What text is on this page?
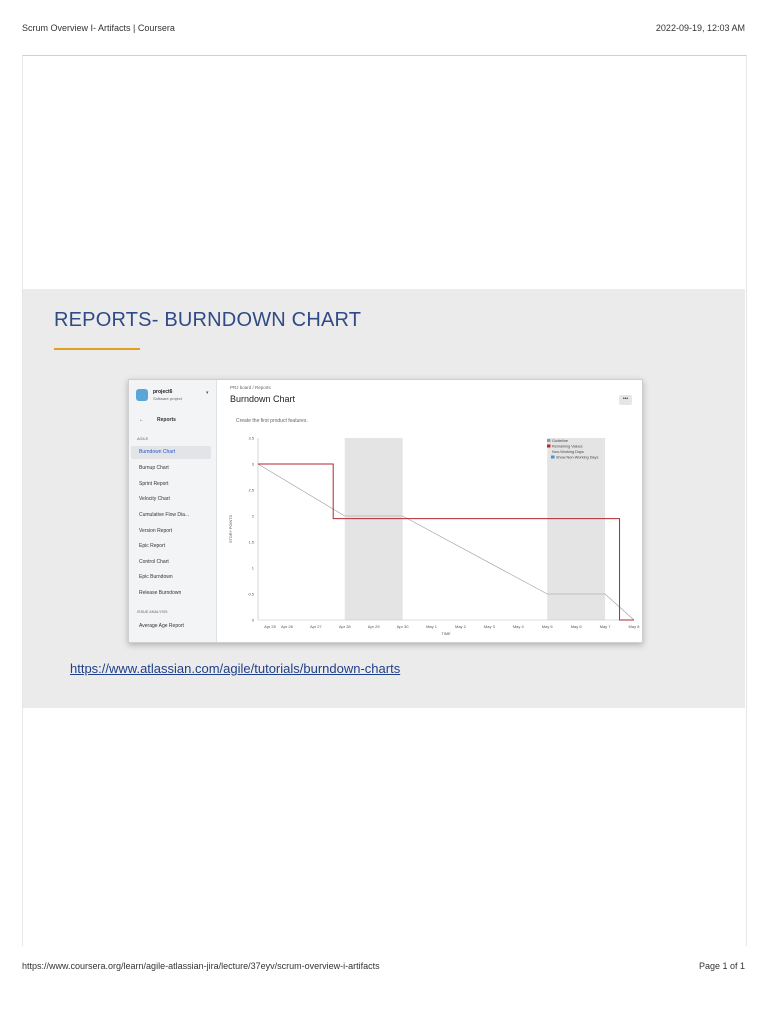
Scrum Overview I- Artifacts | Coursera	2022-09-19, 12:03 AM
REPORTS- BURNDOWN CHART
project6
Software project
▾
←	Reports
AGILE
ISSUE ANALYSIS
Burndown Chart
Burnup Chart
Sprint Report
Velocity Chart
Cumulative Flow Dia...
Version Report
Epic Report
Control Chart
Epic Burndown
Release Burndown
Average Age Report
PRJ board / Reports
Burndown Chart	•••
Create the first product features.
0
0.5
1
1.5
2
2.5
3
3.5
Apr 25 Apr 26	Apr 27	Apr 28	Apr 29	Apr 30	May 1	May 2	May 3	May 4	May 5	May 6	May 7	May 8
TIME
STORY POINTS
Guideline
Remaining Values
Non-Working Days
Show Non-Working Days
https://www.atlassian.com/agile/tutorials/burndown-charts
https://www.coursera.org/learn/agile-atlassian-jira/lecture/37eyv/scrum-overview-i-artifacts	Page 1 of 1
